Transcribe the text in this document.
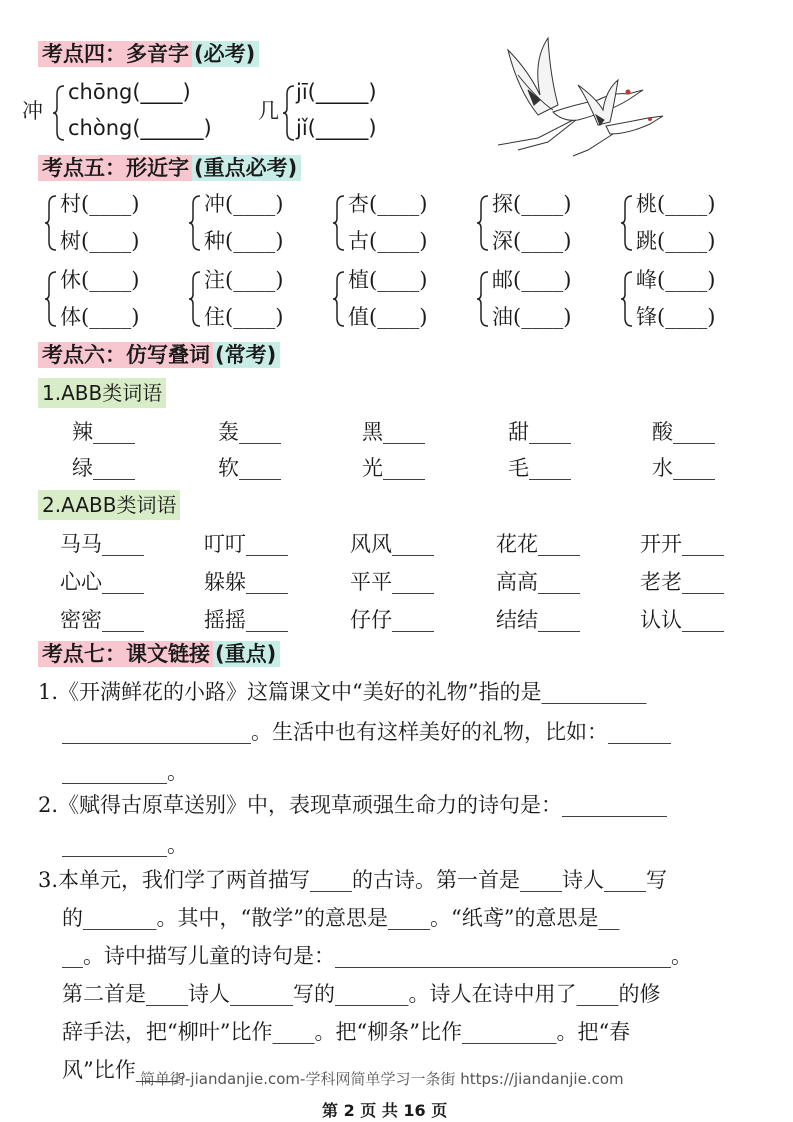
考点四：多音字 (必考)
冲
chōng(____)
chòng(______)
几
jī(_____)
jǐ(_____)
考点五：形近字 (重点必考)
村(____)
树(____)
冲(____)
种(____)
杏(____)
古(____)
探(____)
深(____)
桃(____)
跳(____)
休(____)
体(____)
注(____)
住(____)
植(____)
值(____)
邮(____)
油(____)
峰(____)
锋(____)
考点六：仿写叠词 (常考)
1.ABB类词语
辣____	轰____	黑____	甜____	酸____
绿____	软____	光____	毛____	水____
2.AABB类词语
马马____	叮叮____	风风____	花花____	开开____
心心____	躲躲____	平平____	高高____	老老____
密密____	摇摇____	仔仔____	结结____	认认____
考点七：课文链接 (重点)
1.《开满鲜花的小路》这篇课文中“美好的礼物”指的是__________
__________________。生活中也有这样美好的礼物，比如：______
__________。
2.《赋得古原草送别》中，表现草顽强生命力的诗句是：__________
__________。
3.本单元，我们学了两首描写____的古诗。第一首是____诗人____写
的_______。其中，“散学”的意思是____。“纸鸢”的意思是__
__。诗中描写儿童的诗句是：________________________________。
第二首是____诗人______写的_______。诗人在诗中用了____的修
辞手法，把“柳叶”比作____。把“柳条”比作_________。把“春
风”比作____。
简单街-jiandanjie.com-学科网简单学习一条街 https://jiandanjie.com
第 2 页 共 16 页
